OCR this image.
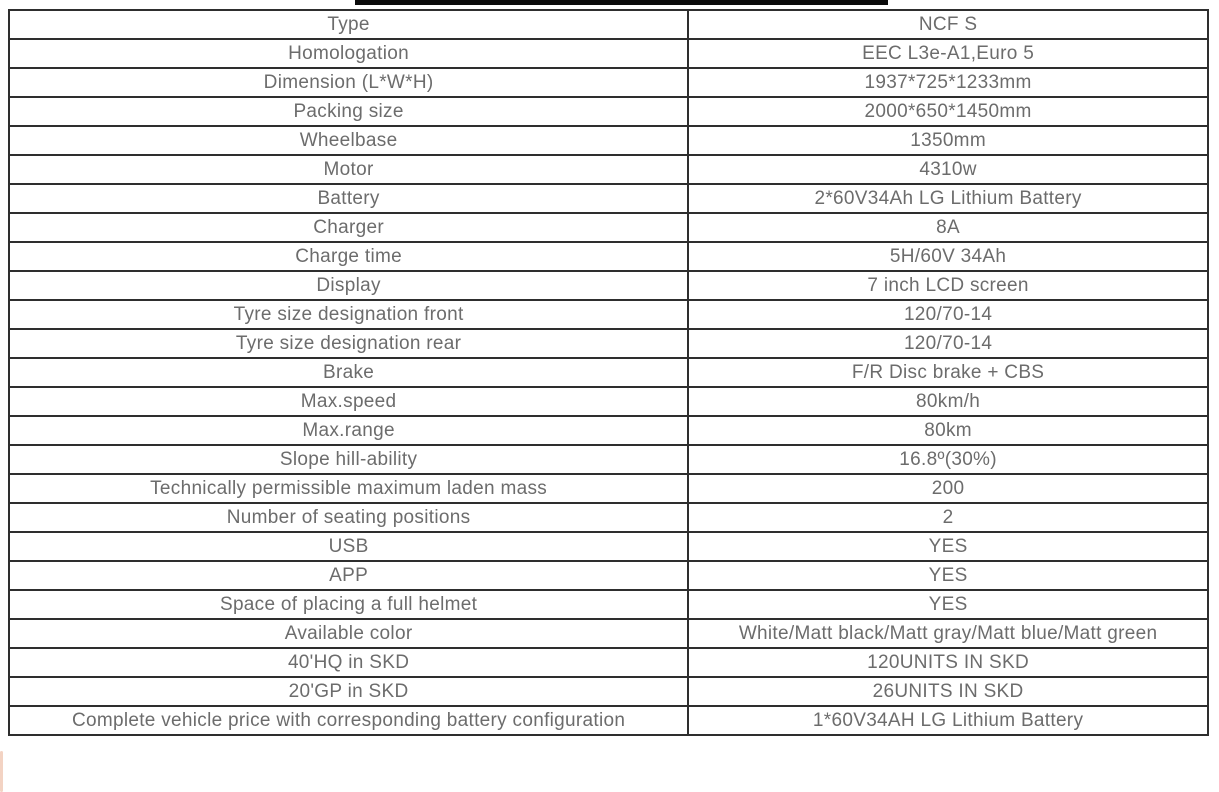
Type	NCF S
Homologation	EEC L3e-A1,Euro 5
Dimension (L*W*H)	1937*725*1233mm
Packing size	2000*650*1450mm
Wheelbase	1350mm
Motor	4310w
Battery	2*60V34Ah LG Lithium Battery
Charger	8A
Charge time	5H/60V 34Ah
Display	7 inch LCD screen
Tyre size designation front	120/70-14
Tyre size designation rear	120/70-14
Brake	F/R Disc brake + CBS
Max.speed	80km/h
Max.range	80km
Slope hill-ability	16.8º(30%)
Technically permissible maximum laden mass	200
Number of seating positions	2
USB	YES
APP	YES
Space of placing a full helmet	YES
Available color	White/Matt black/Matt gray/Matt blue/Matt green
40'HQ in SKD	120UNITS IN SKD
20'GP in SKD	26UNITS IN SKD
Complete vehicle price with corresponding battery configuration	1*60V34AH LG Lithium Battery
